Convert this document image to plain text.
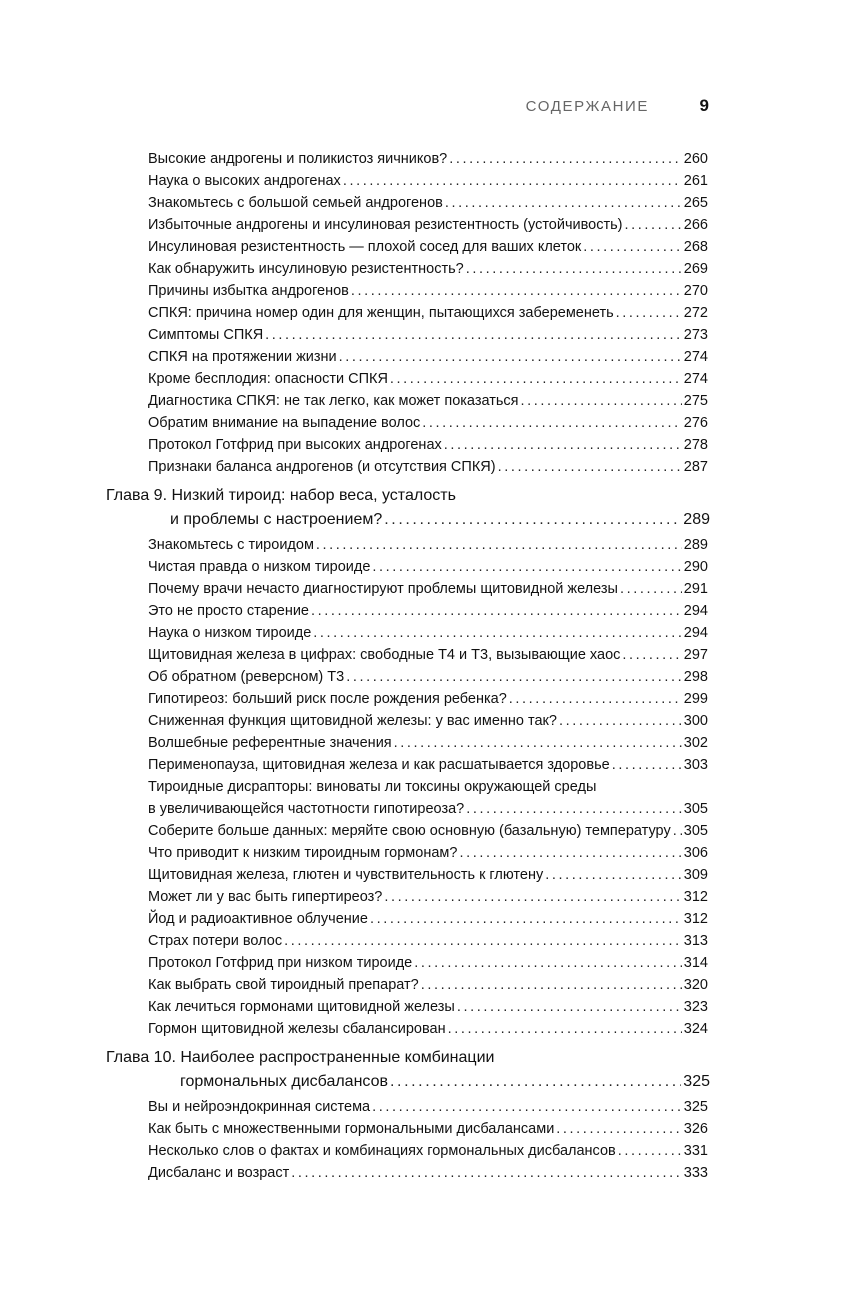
СОДЕРЖАНИЕ	9
Высокие андрогены и поликистоз яичников? .....	260
Наука о высоких андрогенах .....	261
Знакомьтесь с большой семьей андрогенов .....	265
Избыточные андрогены и инсулиновая резистентность (устойчивость) .....	266
Инсулиновая резистентность — плохой сосед для ваших клеток .....	268
Как обнаружить инсулиновую резистентность? .....	269
Причины избытка андрогенов .....	270
СПКЯ: причина номер один для женщин, пытающихся забеременеть .....	272
Симптомы СПКЯ .....	273
СПКЯ на протяжении жизни .....	274
Кроме бесплодия: опасности СПКЯ .....	274
Диагностика СПКЯ: не так легко, как может показаться .....	275
Обратим внимание на выпадение волос .....	276
Протокол Готфрид при высоких андрогенах .....	278
Признаки баланса андрогенов (и отсутствия СПКЯ) .....	287
Глава 9. Низкий тироид: набор веса, усталость
и проблемы с настроением? .....	289
Знакомьтесь с тироидом .....	289
Чистая правда о низком тироиде .....	290
Почему врачи нечасто диагностируют проблемы щитовидной железы .....	291
Это не просто старение .....	294
Наука о низком тироиде .....	294
Щитовидная железа в цифрах: свободные Т4 и Т3, вызывающие хаос .....	297
Об обратном (реверсном) Т3 .....	298
Гипотиреоз: больший риск после рождения ребенка? .....	299
Сниженная функция щитовидной железы: у вас именно так? .....	300
Волшебные референтные значения .....	302
Перименопауза, щитовидная железа и как расшатывается здоровье .....	303
Тироидные дисрапторы: виноваты ли токсины окружающей среды
в увеличивающейся частотности гипотиреоза? .....	305
Соберите больше данных: меряйте свою основную (базальную) температуру ..... 305
Что приводит к низким тироидным гормонам? .....	306
Щитовидная железа, глютен и чувствительность к глютену .....	309
Может ли у вас быть гипертиреоз? .....	312
Йод и радиоактивное облучение .....	312
Страх потери волос .....	313
Протокол Готфрид при низком тироиде .....	314
Как выбрать свой тироидный препарат? .....	320
Как лечиться гормонами щитовидной железы .....	323
Гормон щитовидной железы сбалансирован .....	324
Глава 10. Наиболее распространенные комбинации
гормональных дисбалансов .....	325
Вы и нейроэндокринная система .....	325
Как быть с множественными гормональными дисбалансами .....	326
Несколько слов о фактах и комбинациях гормональных дисбалансов .....	331
Дисбаланс и возраст .....	333
